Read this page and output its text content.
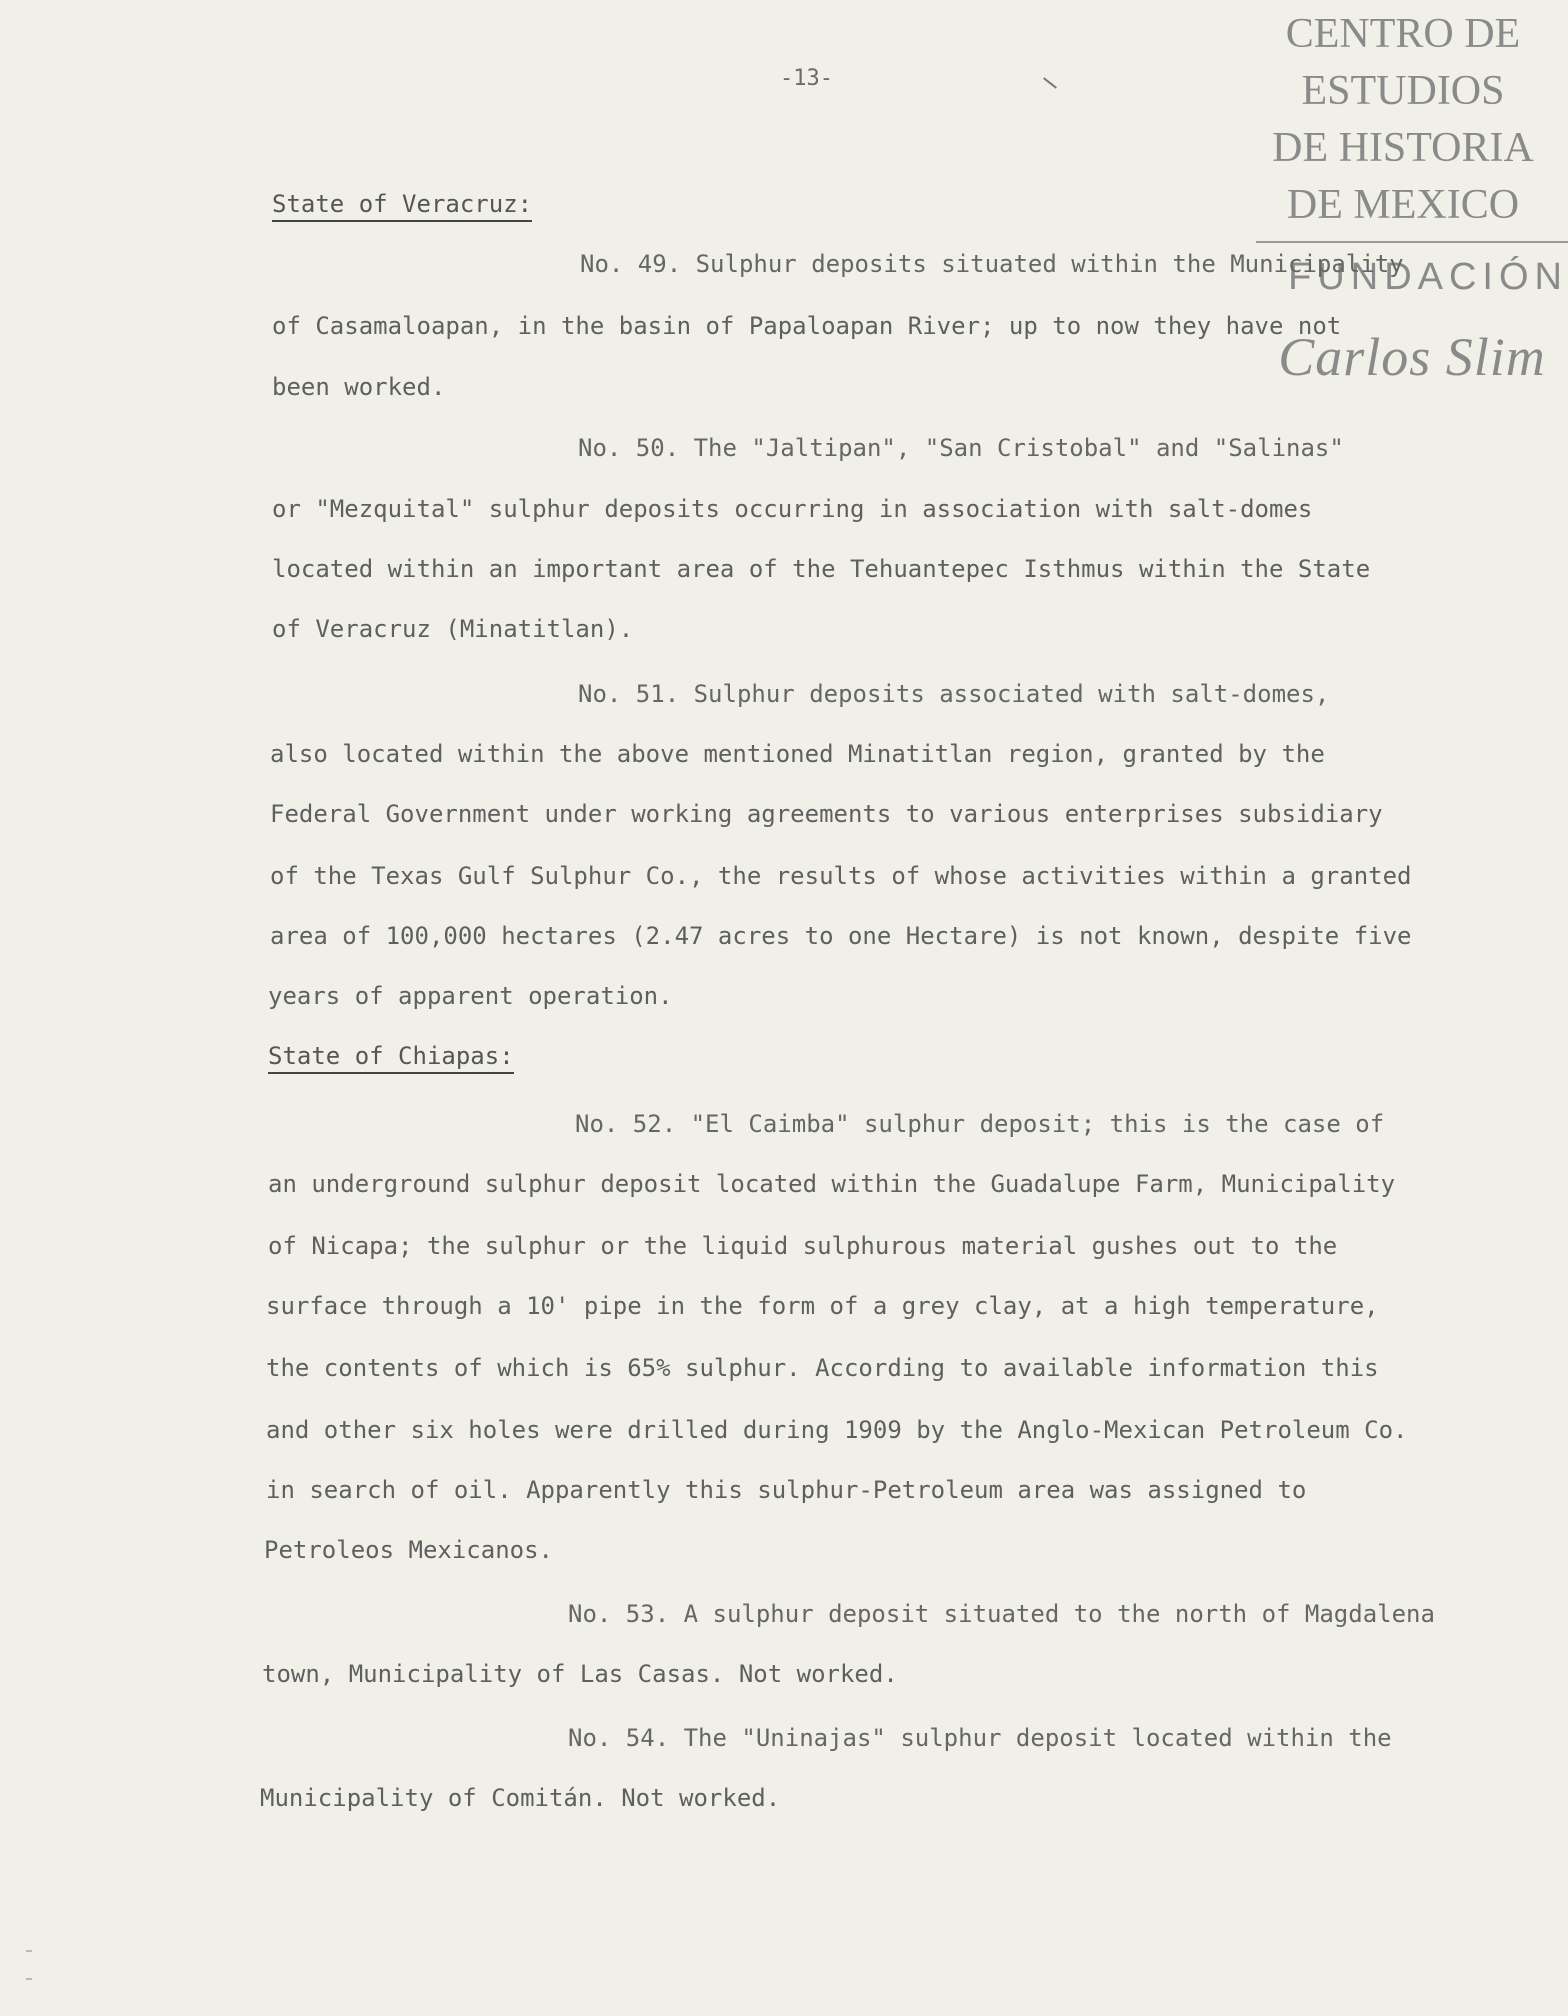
-13-
CENTRO DE
ESTUDIOS
DE HISTORIA
DE MEXICO
FUNDACIÓN
Carlos Slim
State of Veracruz:
No. 49. Sulphur deposits situated within the Municipality
of Casamaloapan, in the basin of Papaloapan River; up to now they have not
been worked.
No. 50. The "Jaltipan", "San Cristobal" and "Salinas"
or "Mezquital" sulphur deposits occurring in association with salt-domes
located within an important area of the Tehuantepec Isthmus within the State
of Veracruz (Minatitlan).
No. 51. Sulphur deposits associated with salt-domes,
also located within the above mentioned Minatitlan region, granted by the
Federal Government under working agreements to various enterprises subsidiary
of the Texas Gulf Sulphur Co., the results of whose activities within a granted
area of 100,000 hectares (2.47 acres to one Hectare) is not known, despite five
years of apparent operation.
State of Chiapas:
No. 52. "El Caimba" sulphur deposit; this is the case of
an underground sulphur deposit located within the Guadalupe Farm, Municipality
of Nicapa; the sulphur or the liquid sulphurous material gushes out to the
surface through a 10' pipe in the form of a grey clay, at a high temperature,
the contents of which is 65% sulphur. According to available information this
and other six holes were drilled during 1909 by the Anglo-Mexican Petroleum Co.
in search of oil. Apparently this sulphur-Petroleum area was assigned to
Petroleos Mexicanos.
No. 53. A sulphur deposit situated to the north of Magdalena
town, Municipality of Las Casas. Not worked.
No. 54. The "Uninajas" sulphur deposit located within the
Municipality of Comitán. Not worked.
